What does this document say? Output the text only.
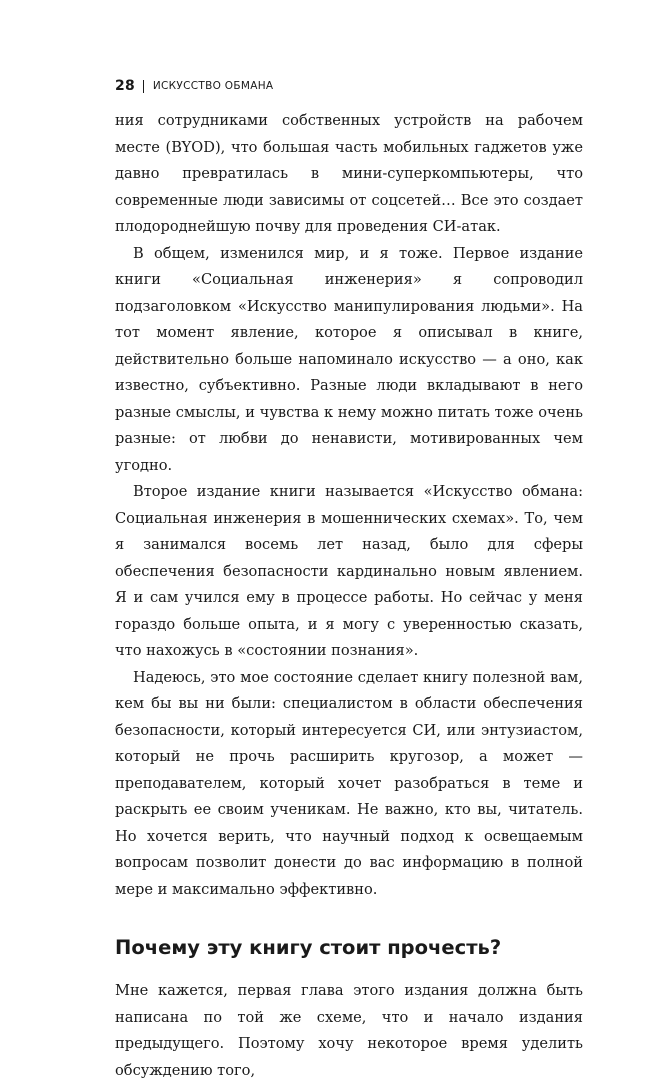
28 ИСКУССТВО ОБМАНА

ния сотрудниками собственных устройств на рабочем месте (BYOD), что большая часть мобильных гаджетов уже давно превратилась в мини-суперкомпьютеры, что современные люди зависимы от соцсетей… Все это создает плодороднейшую почву для проведения СИ-атак.

В общем, изменился мир, и я тоже. Первое издание книги «Социальная инженерия» я сопроводил подзаголовком «Искусство манипулирования людьми». На тот момент явление, которое я описывал в книге, действительно больше напоминало искусство — а оно, как известно, субъективно. Разные люди вкладывают в него разные смыслы, и чувства к нему можно питать тоже очень разные: от любви до ненависти, мотивированных чем угодно.

Второе издание книги называется «Искусство обмана: Социальная инженерия в мошеннических схемах». То, чем я занимался восемь лет назад, было для сферы обеспечения безопасности кардинально новым явлением. Я и сам учился ему в процессе работы. Но сейчас у меня гораздо больше опыта, и я могу с уверенностью сказать, что нахожусь в «состоянии познания».

Надеюсь, это мое состояние сделает книгу полезной вам, кем бы вы ни были: специалистом в области обеспечения безопасности, который интересуется СИ, или энтузиастом, который не прочь расширить кругозор, а может — преподавателем, который хочет разобраться в теме и раскрыть ее своим ученикам. Не важно, кто вы, читатель. Но хочется верить, что научный подход к освещаемым вопросам позволит донести до вас информацию в полной мере и максимально эффективно.

Почему эту книгу стоит прочесть?

Мне кажется, первая глава этого издания должна быть написана по той же схеме, что и начало издания предыдущего. Поэтому хочу некоторое время уделить обсуждению того,
